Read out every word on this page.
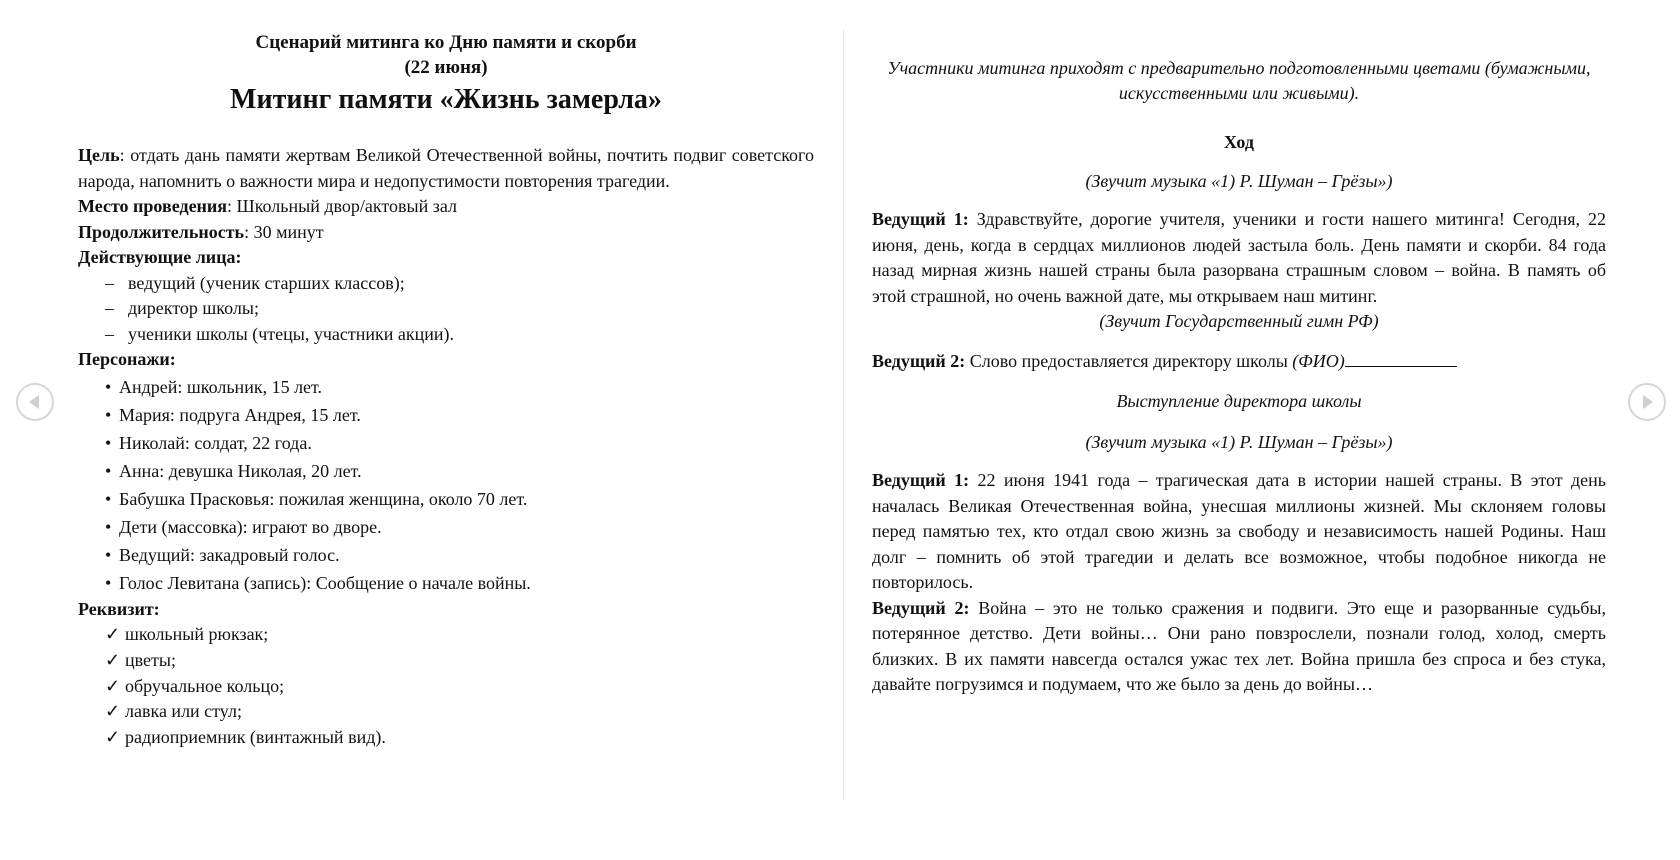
Сценарий митинга ко Дню памяти и скорби

(22 июня)

Митинг памяти «Жизнь замерла»

Цель: отдать дань памяти жертвам Великой Отечественной войны, почтить подвиг советского народа, напомнить о важности мира и недопустимости повторения трагедии.

Место проведения: Школьный двор/актовый зал

Продолжительность: 30 минут

Действующие лица:

– ведущий (ученик старших классов);
– директор школы;
– ученики школы (чтецы, участники акции).

Персонажи:

• Андрей: школьник, 15 лет.
• Мария: подруга Андрея, 15 лет.
• Николай: солдат, 22 года.
• Анна: девушка Николая, 20 лет.
• Бабушка Прасковья: пожилая женщина, около 70 лет.
• Дети (массовка): играют во дворе.
• Ведущий: закадровый голос.
• Голос Левитана (запись): Сообщение о начале войны.

Реквизит:

✓ школьный рюкзак;
✓ цветы;
✓ обручальное кольцо;
✓ лавка или стул;
✓ радиоприемник (винтажный вид).

Участники митинга приходят с предварительно подготовленными цветами (бумажными, искусственными или живыми).

Ход

(Звучит музыка «1) Р. Шуман – Грёзы»)

Ведущий 1: Здравствуйте, дорогие учителя, ученики и гости нашего митинга! Сегодня, 22 июня, день, когда в сердцах миллионов людей застыла боль. День памяти и скорби. 84 года назад мирная жизнь нашей страны была разорвана страшным словом – война. В память об этой страшной, но очень важной дате, мы открываем наш митинг.

(Звучит Государственный гимн РФ)

Ведущий 2: Слово предоставляется директору школы (ФИО)

Выступление директора школы

(Звучит музыка «1) Р. Шуман – Грёзы»)

Ведущий 1: 22 июня 1941 года – трагическая дата в истории нашей страны. В этот день началась Великая Отечественная война, унесшая миллионы жизней. Мы склоняем головы перед памятью тех, кто отдал свою жизнь за свободу и независимость нашей Родины. Наш долг – помнить об этой трагедии и делать все возможное, чтобы подобное никогда не повторилось.

Ведущий 2: Война – это не только сражения и подвиги. Это еще и разорванные судьбы, потерянное детство. Дети войны… Они рано повзрослели, познали голод, холод, смерть близких. В их памяти навсегда остался ужас тех лет. Война пришла без спроса и без стука, давайте погрузимся и подумаем, что же было за день до войны…
